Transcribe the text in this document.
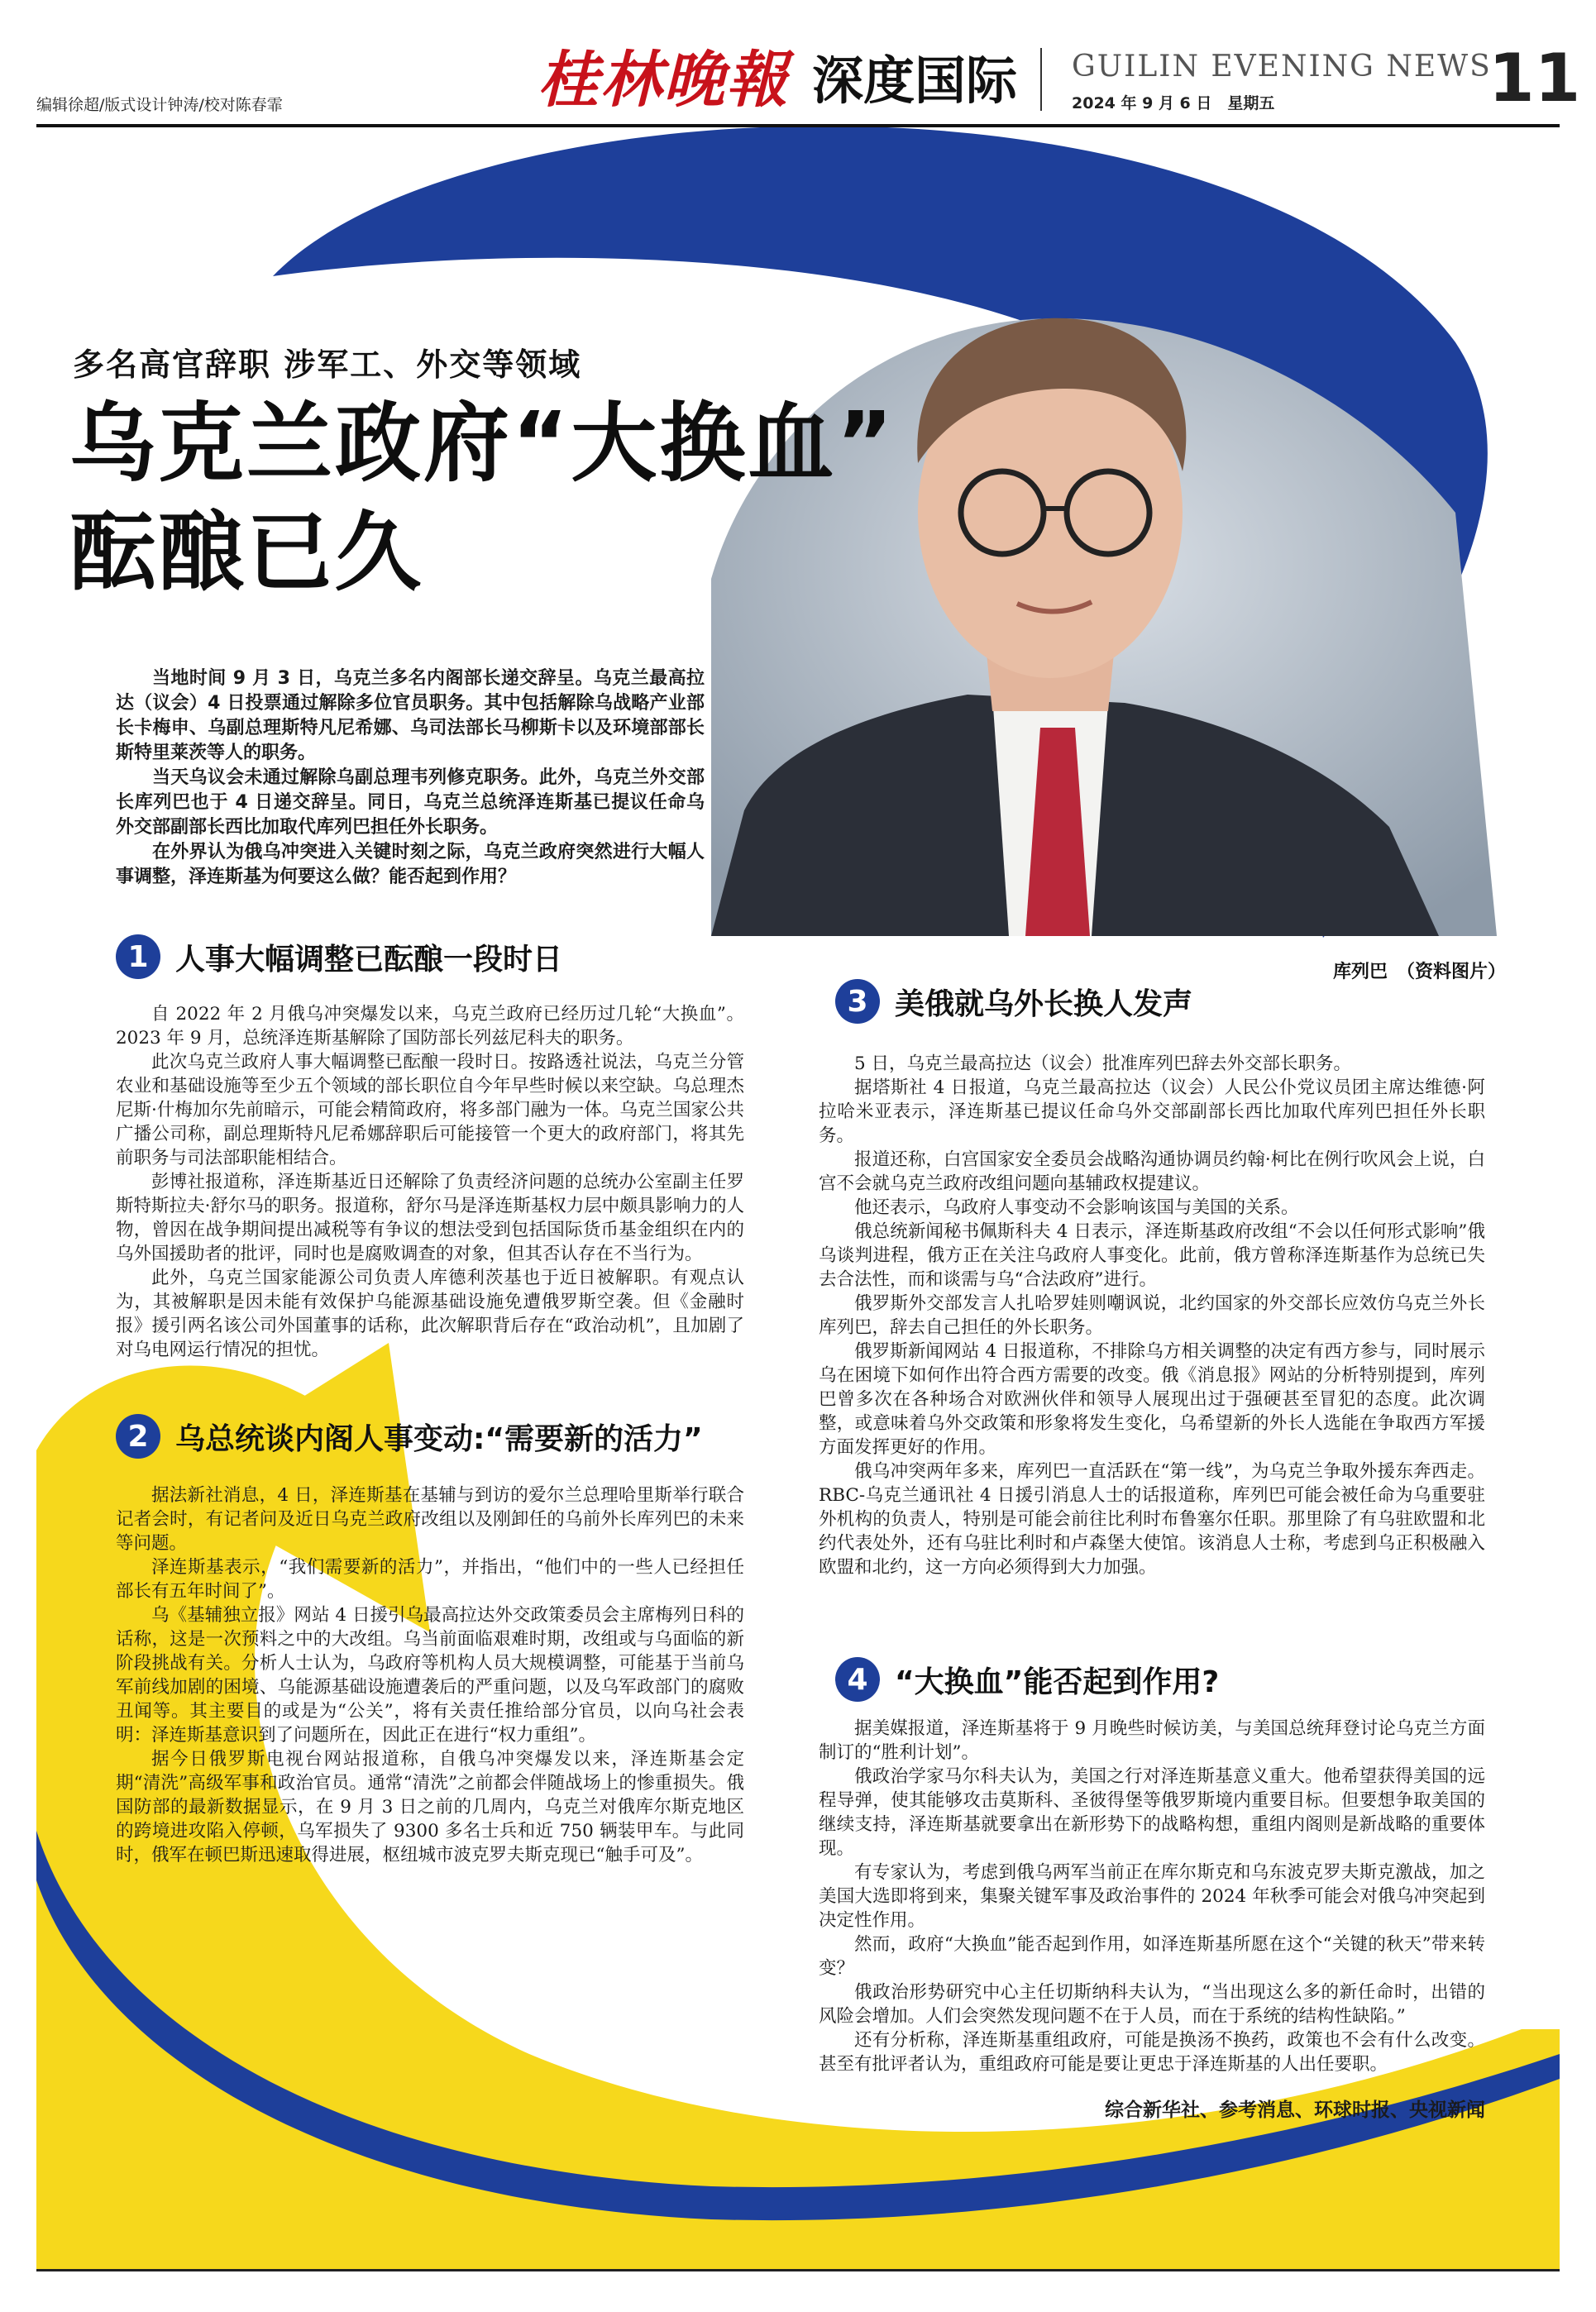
编辑徐超/版式设计钟涛/校对陈春霏	桂林晚報 深度国际 GUILIN EVENING NEWS
2024 年 9 月 6 日　星期五	11
库列巴　（资料图片）
多名高官辞职 涉军工、外交等领域
乌克兰政府“大换血”
酝酿已久

当地时间 9 月 3 日，乌克兰多名内阁部长递交辞呈。乌克兰最高拉达（议会）4 日投票通过解除多位官员职务。其中包括解除乌战略产业部长卡梅申、乌副总理斯特凡尼希娜、乌司法部长马柳斯卡以及环境部部长斯特里莱茨等人的职务。

当天乌议会未通过解除乌副总理韦列修克职务。此外，乌克兰外交部长库列巴也于 4 日递交辞呈。同日，乌克兰总统泽连斯基已提议任命乌外交部副部长西比加取代库列巴担任外长职务。

在外界认为俄乌冲突进入关键时刻之际，乌克兰政府突然进行大幅人事调整，泽连斯基为何要这么做？能否起到作用？

1 人事大幅调整已酝酿一段时日

自 2022 年 2 月俄乌冲突爆发以来，乌克兰政府已经历过几轮“大换血”。2023 年 9 月，总统泽连斯基解除了国防部长列兹尼科夫的职务。

此次乌克兰政府人事大幅调整已酝酿一段时日。按路透社说法，乌克兰分管农业和基础设施等至少五个领域的部长职位自今年早些时候以来空缺。乌总理杰尼斯·什梅加尔先前暗示，可能会精简政府，将多部门融为一体。乌克兰国家公共广播公司称，副总理斯特凡尼希娜辞职后可能接管一个更大的政府部门，将其先前职务与司法部职能相结合。

彭博社报道称，泽连斯基近日还解除了负责经济问题的总统办公室副主任罗斯特斯拉夫·舒尔马的职务。报道称，舒尔马是泽连斯基权力层中颇具影响力的人物，曾因在战争期间提出减税等有争议的想法受到包括国际货币基金组织在内的乌外国援助者的批评，同时也是腐败调查的对象，但其否认存在不当行为。

此外，乌克兰国家能源公司负责人库德利茨基也于近日被解职。有观点认为，其被解职是因未能有效保护乌能源基础设施免遭俄罗斯空袭。但《金融时报》援引两名该公司外国董事的话称，此次解职背后存在“政治动机”，且加剧了对乌电网运行情况的担忧。

2 乌总统谈内阁人事变动:“需要新的活力”

据法新社消息，4 日，泽连斯基在基辅与到访的爱尔兰总理哈里斯举行联合记者会时，有记者问及近日乌克兰政府改组以及刚卸任的乌前外长库列巴的未来等问题。

泽连斯基表示，“我们需要新的活力”，并指出，“他们中的一些人已经担任部长有五年时间了”。

乌《基辅独立报》网站 4 日援引乌最高拉达外交政策委员会主席梅列日科的话称，这是一次预料之中的大改组。乌当前面临艰难时期，改组或与乌面临的新阶段挑战有关。分析人士认为，乌政府等机构人员大规模调整，可能基于当前乌军前线加剧的困境、乌能源基础设施遭袭后的严重问题，以及乌军政部门的腐败丑闻等。其主要目的或是为“公关”，将有关责任推给部分官员，以向乌社会表明：泽连斯基意识到了问题所在，因此正在进行“权力重组”。

据今日俄罗斯电视台网站报道称，自俄乌冲突爆发以来，泽连斯基会定期“清洗”高级军事和政治官员。通常“清洗”之前都会伴随战场上的惨重损失。俄国防部的最新数据显示，在 9 月 3 日之前的几周内，乌克兰对俄库尔斯克地区的跨境进攻陷入停顿，乌军损失了 9300 多名士兵和近 750 辆装甲车。与此同时，俄军在顿巴斯迅速取得进展，枢纽城市波克罗夫斯克现已“触手可及”。

3 美俄就乌外长换人发声

5 日，乌克兰最高拉达（议会）批准库列巴辞去外交部长职务。

据塔斯社 4 日报道，乌克兰最高拉达（议会）人民公仆党议员团主席达维德·阿拉哈米亚表示，泽连斯基已提议任命乌外交部副部长西比加取代库列巴担任外长职务。

报道还称，白宫国家安全委员会战略沟通协调员约翰·柯比在例行吹风会上说，白宫不会就乌克兰政府改组问题向基辅政权提建议。

他还表示，乌政府人事变动不会影响该国与美国的关系。

俄总统新闻秘书佩斯科夫 4 日表示，泽连斯基政府改组“不会以任何形式影响”俄乌谈判进程，俄方正在关注乌政府人事变化。此前，俄方曾称泽连斯基作为总统已失去合法性，而和谈需与乌“合法政府”进行。

俄罗斯外交部发言人扎哈罗娃则嘲讽说，北约国家的外交部长应效仿乌克兰外长库列巴，辞去自己担任的外长职务。

俄罗斯新闻网站 4 日报道称，不排除乌方相关调整的决定有西方参与，同时展示乌在困境下如何作出符合西方需要的改变。俄《消息报》网站的分析特别提到，库列巴曾多次在各种场合对欧洲伙伴和领导人展现出过于强硬甚至冒犯的态度。此次调整，或意味着乌外交政策和形象将发生变化，乌希望新的外长人选能在争取西方军援方面发挥更好的作用。

俄乌冲突两年多来，库列巴一直活跃在“第一线”，为乌克兰争取外援东奔西走。RBC-乌克兰通讯社 4 日援引消息人士的话报道称，库列巴可能会被任命为乌重要驻外机构的负责人，特别是可能会前往比利时布鲁塞尔任职。那里除了有乌驻欧盟和北约代表处外，还有乌驻比利时和卢森堡大使馆。该消息人士称，考虑到乌正积极融入欧盟和北约，这一方向必须得到大力加强。

4 “大换血”能否起到作用?

据美媒报道，泽连斯基将于 9 月晚些时候访美，与美国总统拜登讨论乌克兰方面制订的“胜利计划”。

俄政治学家马尔科夫认为，美国之行对泽连斯基意义重大。他希望获得美国的远程导弹，使其能够攻击莫斯科、圣彼得堡等俄罗斯境内重要目标。但要想争取美国的继续支持，泽连斯基就要拿出在新形势下的战略构想，重组内阁则是新战略的重要体现。

有专家认为，考虑到俄乌两军当前正在库尔斯克和乌东波克罗夫斯克激战，加之美国大选即将到来，集聚关键军事及政治事件的 2024 年秋季可能会对俄乌冲突起到决定性作用。

然而，政府“大换血”能否起到作用，如泽连斯基所愿在这个“关键的秋天”带来转变？

俄政治形势研究中心主任切斯纳科夫认为，“当出现这么多的新任命时，出错的风险会增加。人们会突然发现问题不在于人员，而在于系统的结构性缺陷。”

还有分析称，泽连斯基重组政府，可能是换汤不换药，政策也不会有什么改变。甚至有批评者认为，重组政府可能是要让更忠于泽连斯基的人出任要职。

综合新华社、参考消息、环球时报、央视新闻
